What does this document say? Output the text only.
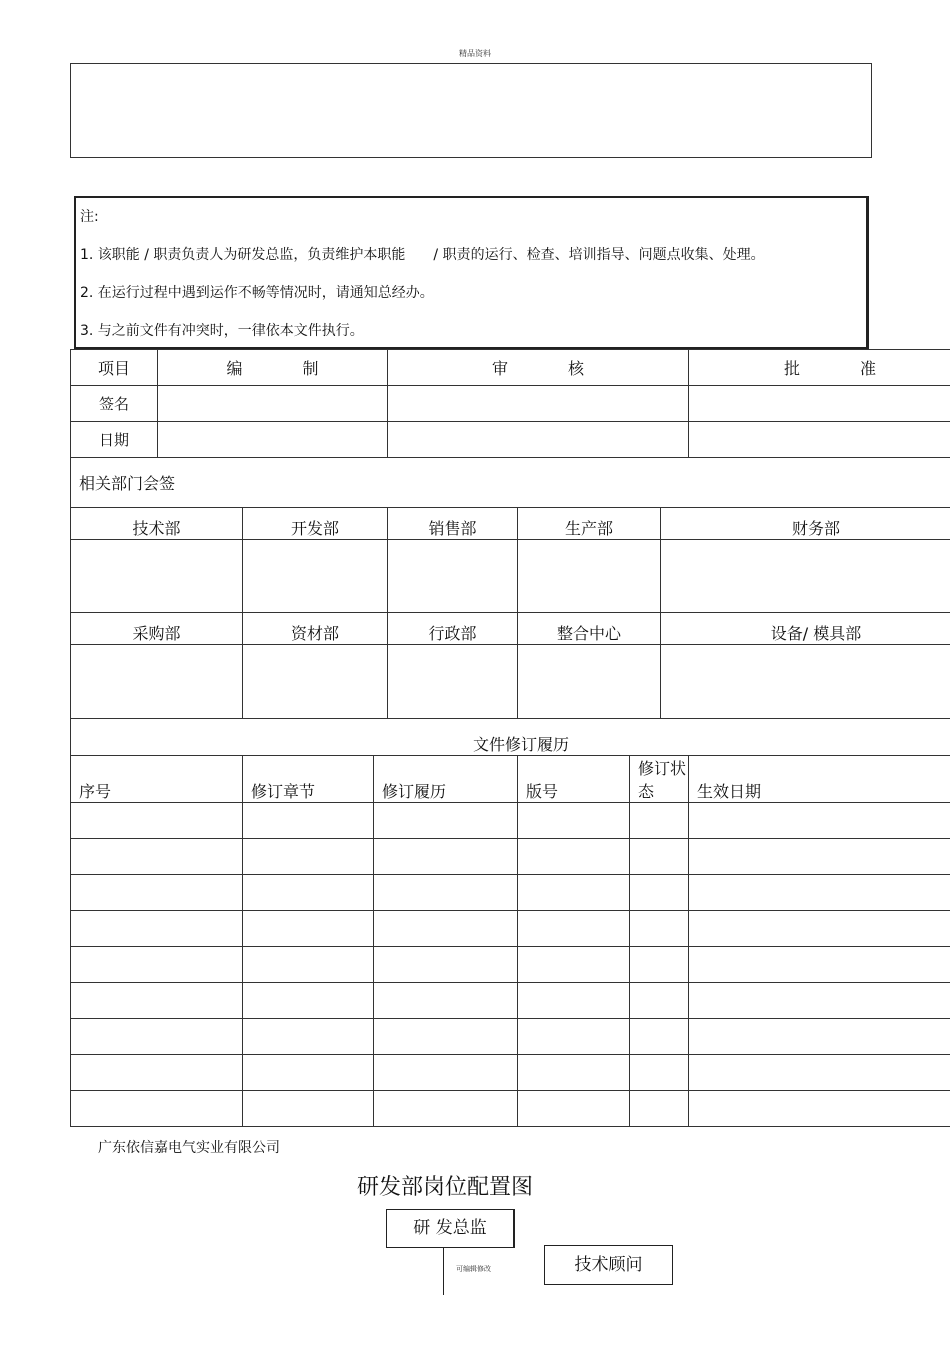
精品资料
注:
1. 该职能 / 职责负责人为研发总监，负责维护本职能　　/ 职责的运行、检查、培训指导、问题点收集、处理。
2. 在运行过程中遇到运作不畅等情况时，请通知总经办。
3. 与之前文件有冲突时，一律依本文件执行。
项目	编制			审核				批准
签名								
日期								
相关部门会签								
技术部		开发部		销售部	生产部		财务部	

采购部		资材部		行政部	整合中心		设备/ 模具部	

文件修订履历								
序号		修订章节	修订履历		版号	修订状态		生效日期

广东依信嘉电气实业有限公司
研发部岗位配置图
研 发总监
可编辑修改	技术顾问
